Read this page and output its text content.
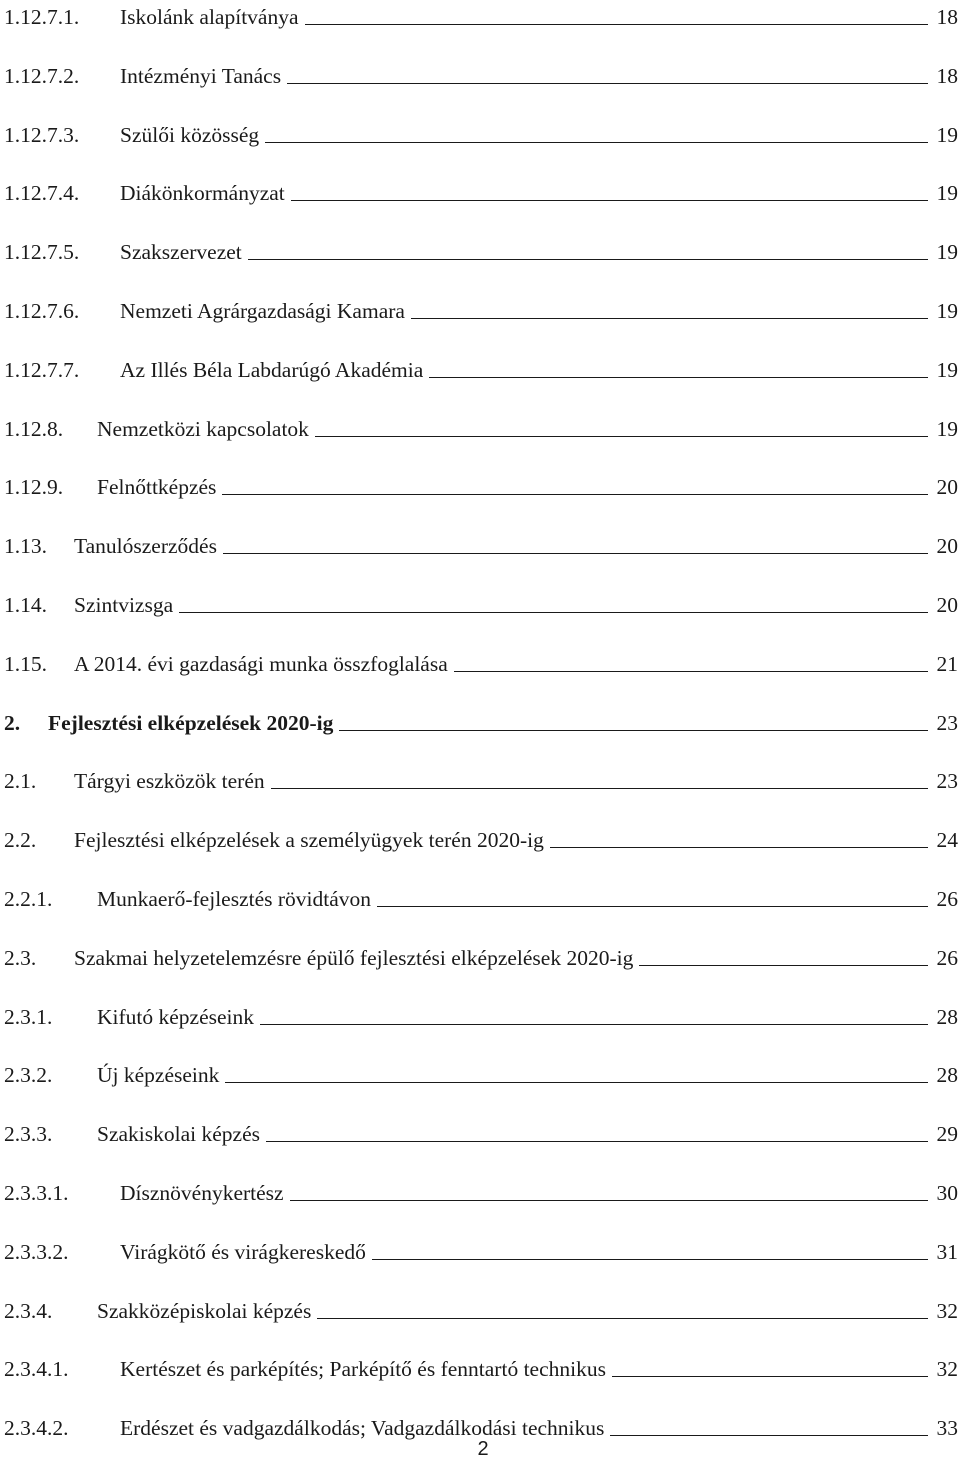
1.12.7.1. Iskolánk alapítványa	18
1.12.7.2. Intézményi Tanács	18
1.12.7.3. Szülői közösség	19
1.12.7.4. Diákönkormányzat	19
1.12.7.5. Szakszervezet	19
1.12.7.6. Nemzeti Agrárgazdasági Kamara	19
1.12.7.7. Az Illés Béla Labdarúgó Akadémia	19
1.12.8. Nemzetközi kapcsolatok	19
1.12.9. Felnőttképzés	20
1.13. Tanulószerződés	20
1.14. Szintvizsga	20
1.15. A 2014. évi gazdasági munka összfoglalása	21
2. Fejlesztési elképzelések 2020-ig	23
2.1. Tárgyi eszközök terén	23
2.2. Fejlesztési elképzelések a személyügyek terén 2020-ig	24
2.2.1. Munkaerő-fejlesztés rövidtávon	26
2.3. Szakmai helyzetelemzésre épülő fejlesztési elképzelések 2020-ig	26
2.3.1. Kifutó képzéseink	28
2.3.2. Új képzéseink	28
2.3.3. Szakiskolai képzés	29
2.3.3.1. Dísznövénykertész	30
2.3.3.2. Virágkötő és virágkereskedő	31
2.3.4. Szakközépiskolai képzés	32
2.3.4.1. Kertészet és parképítés; Parképítő és fenntartó technikus	32
2.3.4.2. Erdészet és vadgazdálkodás; Vadgazdálkodási technikus	33
2
